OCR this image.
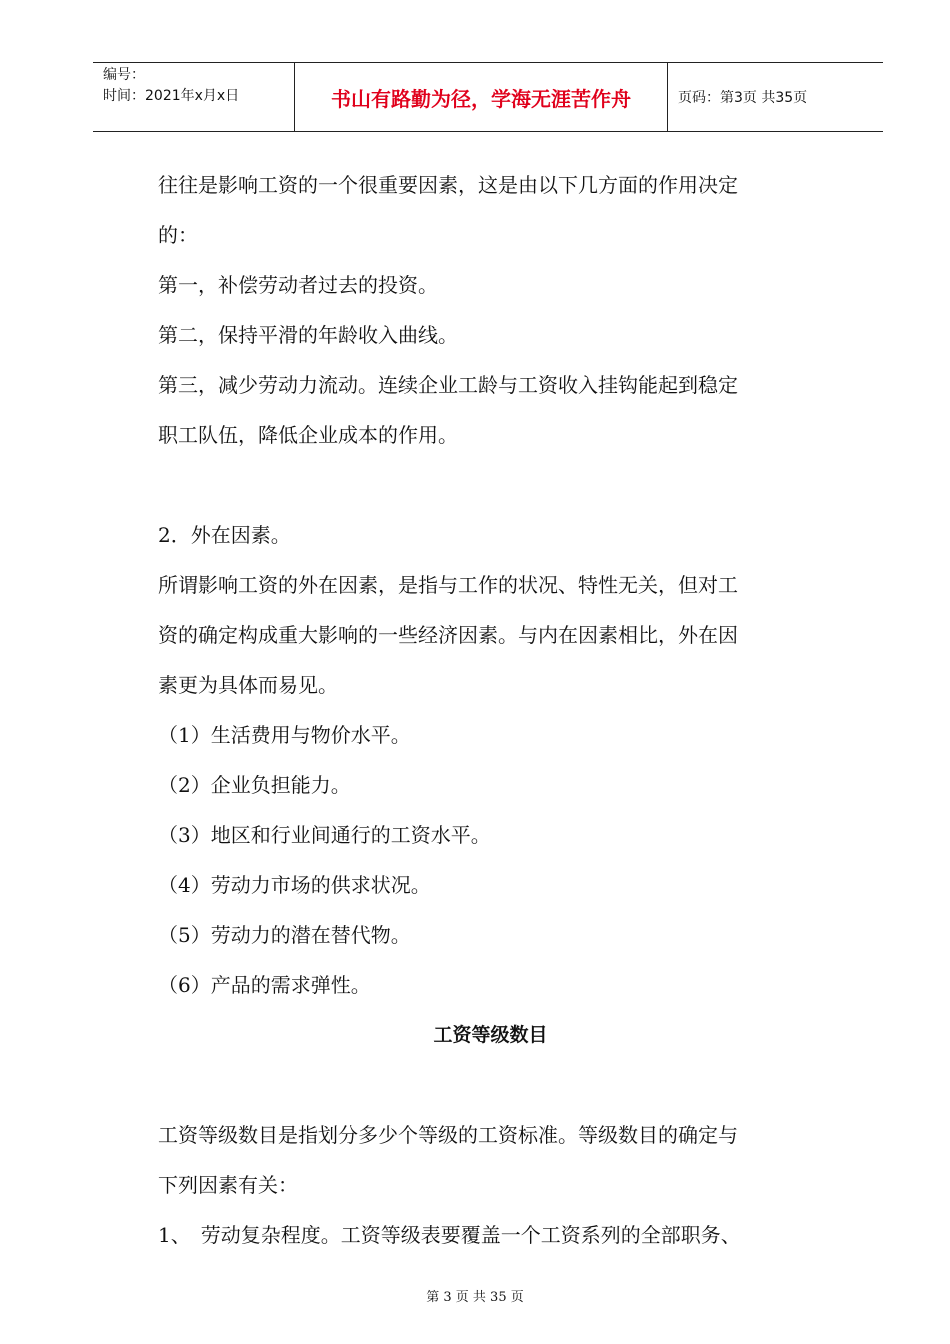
编号：
时间：2021年x月x日	书山有路勤为径，学海无涯苦作舟	页码：第3页 共35页
往往是影响工资的一个很重要因素，这是由以下几方面的作用决定
的：
第一，补偿劳动者过去的投资。
第二，保持平滑的年龄收入曲线。
第三，减少劳动力流动。连续企业工龄与工资收入挂钩能起到稳定
职工队伍，降低企业成本的作用。
2．外在因素。
所谓影响工资的外在因素，是指与工作的状况、特性无关，但对工
资的确定构成重大影响的一些经济因素。与内在因素相比，外在因
素更为具体而易见。
（1）生活费用与物价水平。
（2）企业负担能力。
（3）地区和行业间通行的工资水平。
（4）劳动力市场的供求状况。
（5）劳动力的潜在替代物。
（6）产品的需求弹性。
工资等级数目
工资等级数目是指划分多少个等级的工资标准。等级数目的确定与
下列因素有关：
1、　劳动复杂程度。工资等级表要覆盖一个工资系列的全部职务、
第 3 页 共 35 页
